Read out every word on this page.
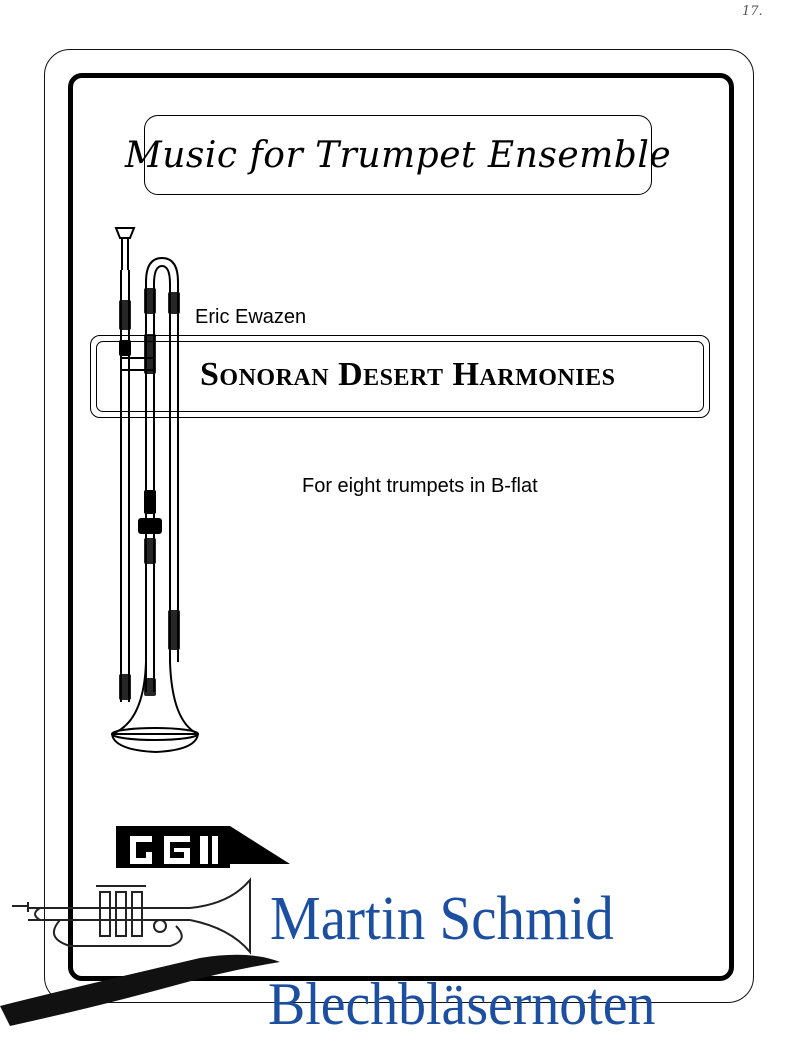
17.
Music for Trumpet Ensemble
Eric Ewazen
Sonoran Desert Harmonies
For eight trumpets in B-flat
Martin Schmid
Blechbläsernoten
